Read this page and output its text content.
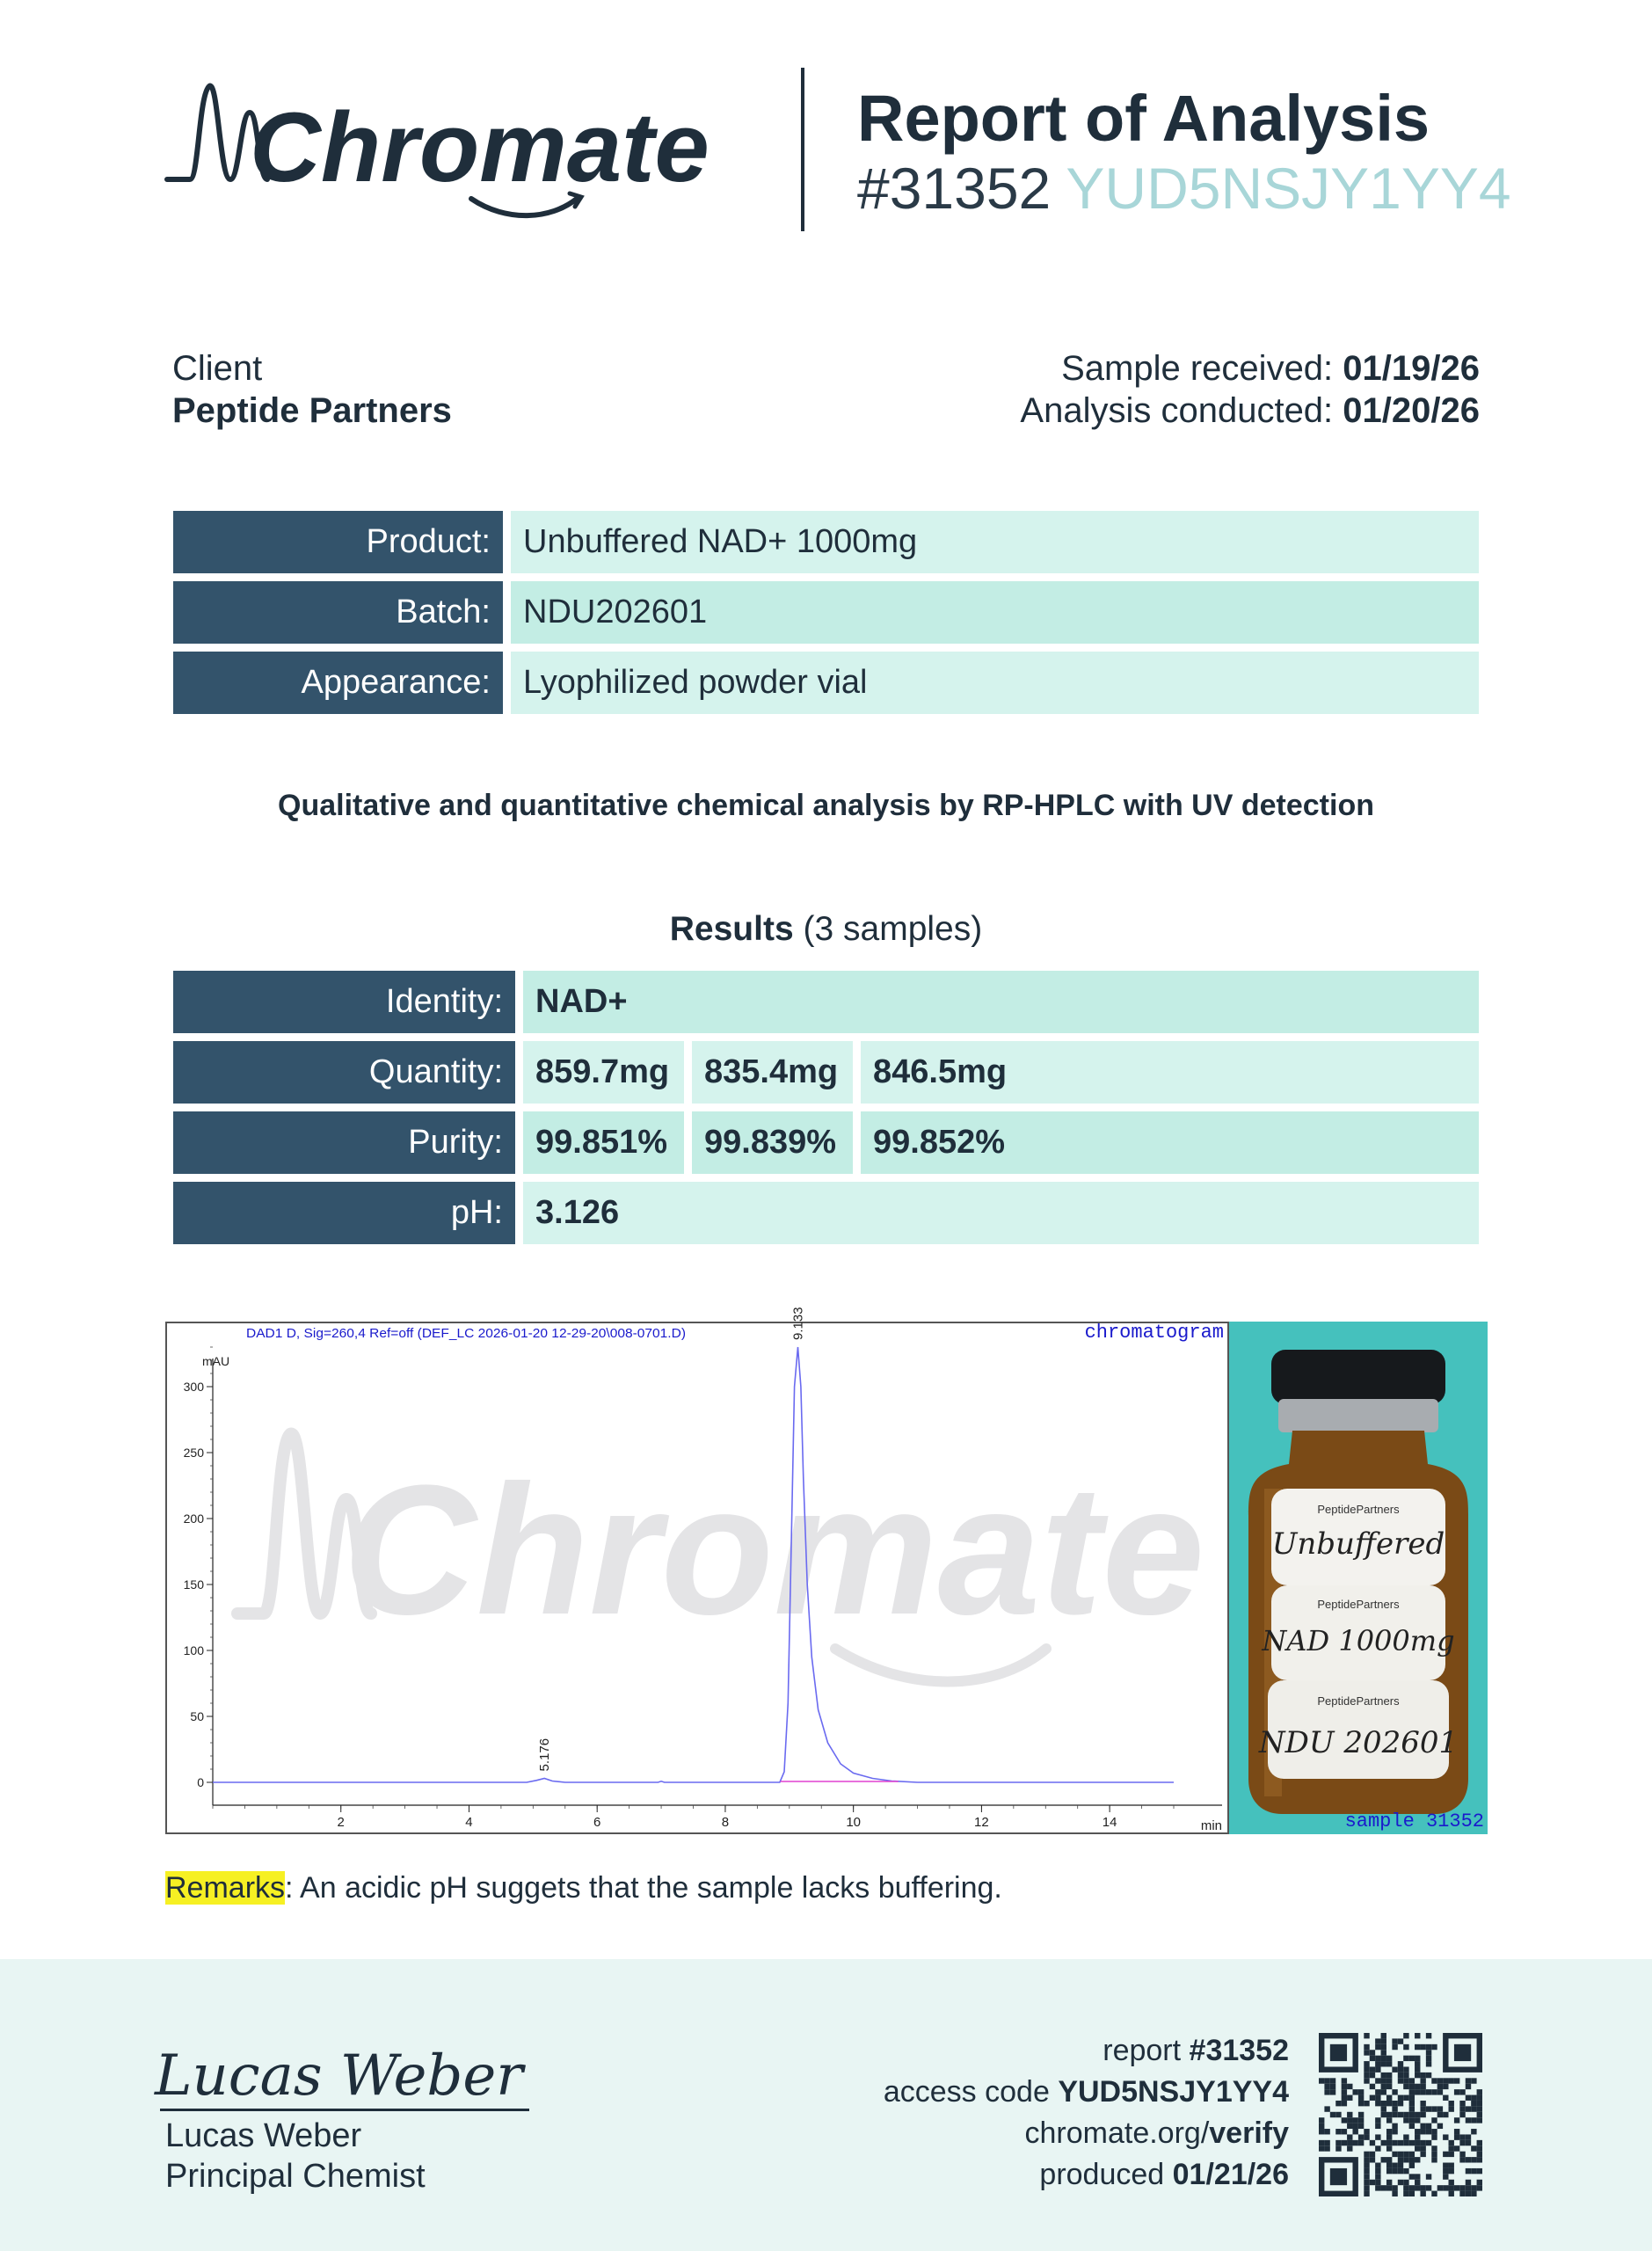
Chromate Report of Analysis
#31352 YUD5NSJY1YY4
Client
Peptide Partners
Sample received: 01/19/26
Analysis conducted: 01/20/26
Product: Unbuffered NAD+ 1000mg
Batch: NDU202601
Appearance: Lyophilized powder vial
Qualitative and quantitative chemical analysis by RP-HPLC with UV detection
Results (3 samples)
Identity: NAD+
Quantity: 859.7mg	835.4mg	846.5mg
Purity: 99.851%	99.839%	99.852%
pH: 3.126
Chromate
DAD1 D, Sig=260,4 Ref=off (DEF_LC 2026-01-20 12-29-20\008-0701.D)	chromatogram
mAU
min
0
50
100
150
200
250
300
2	4	6	8	10	12	14
5.176
9.133
PeptidePartners
Unbuffered
PeptidePartners
NAD 1000mg
PeptidePartners
NDU 202601
sample 31352
Remarks: An acidic pH suggets that the sample lacks buffering.
Lucas Weber
Lucas Weber
Principal Chemist
report #31352
access code YUD5NSJY1YY4
chromate.org/verify
produced 01/21/26
